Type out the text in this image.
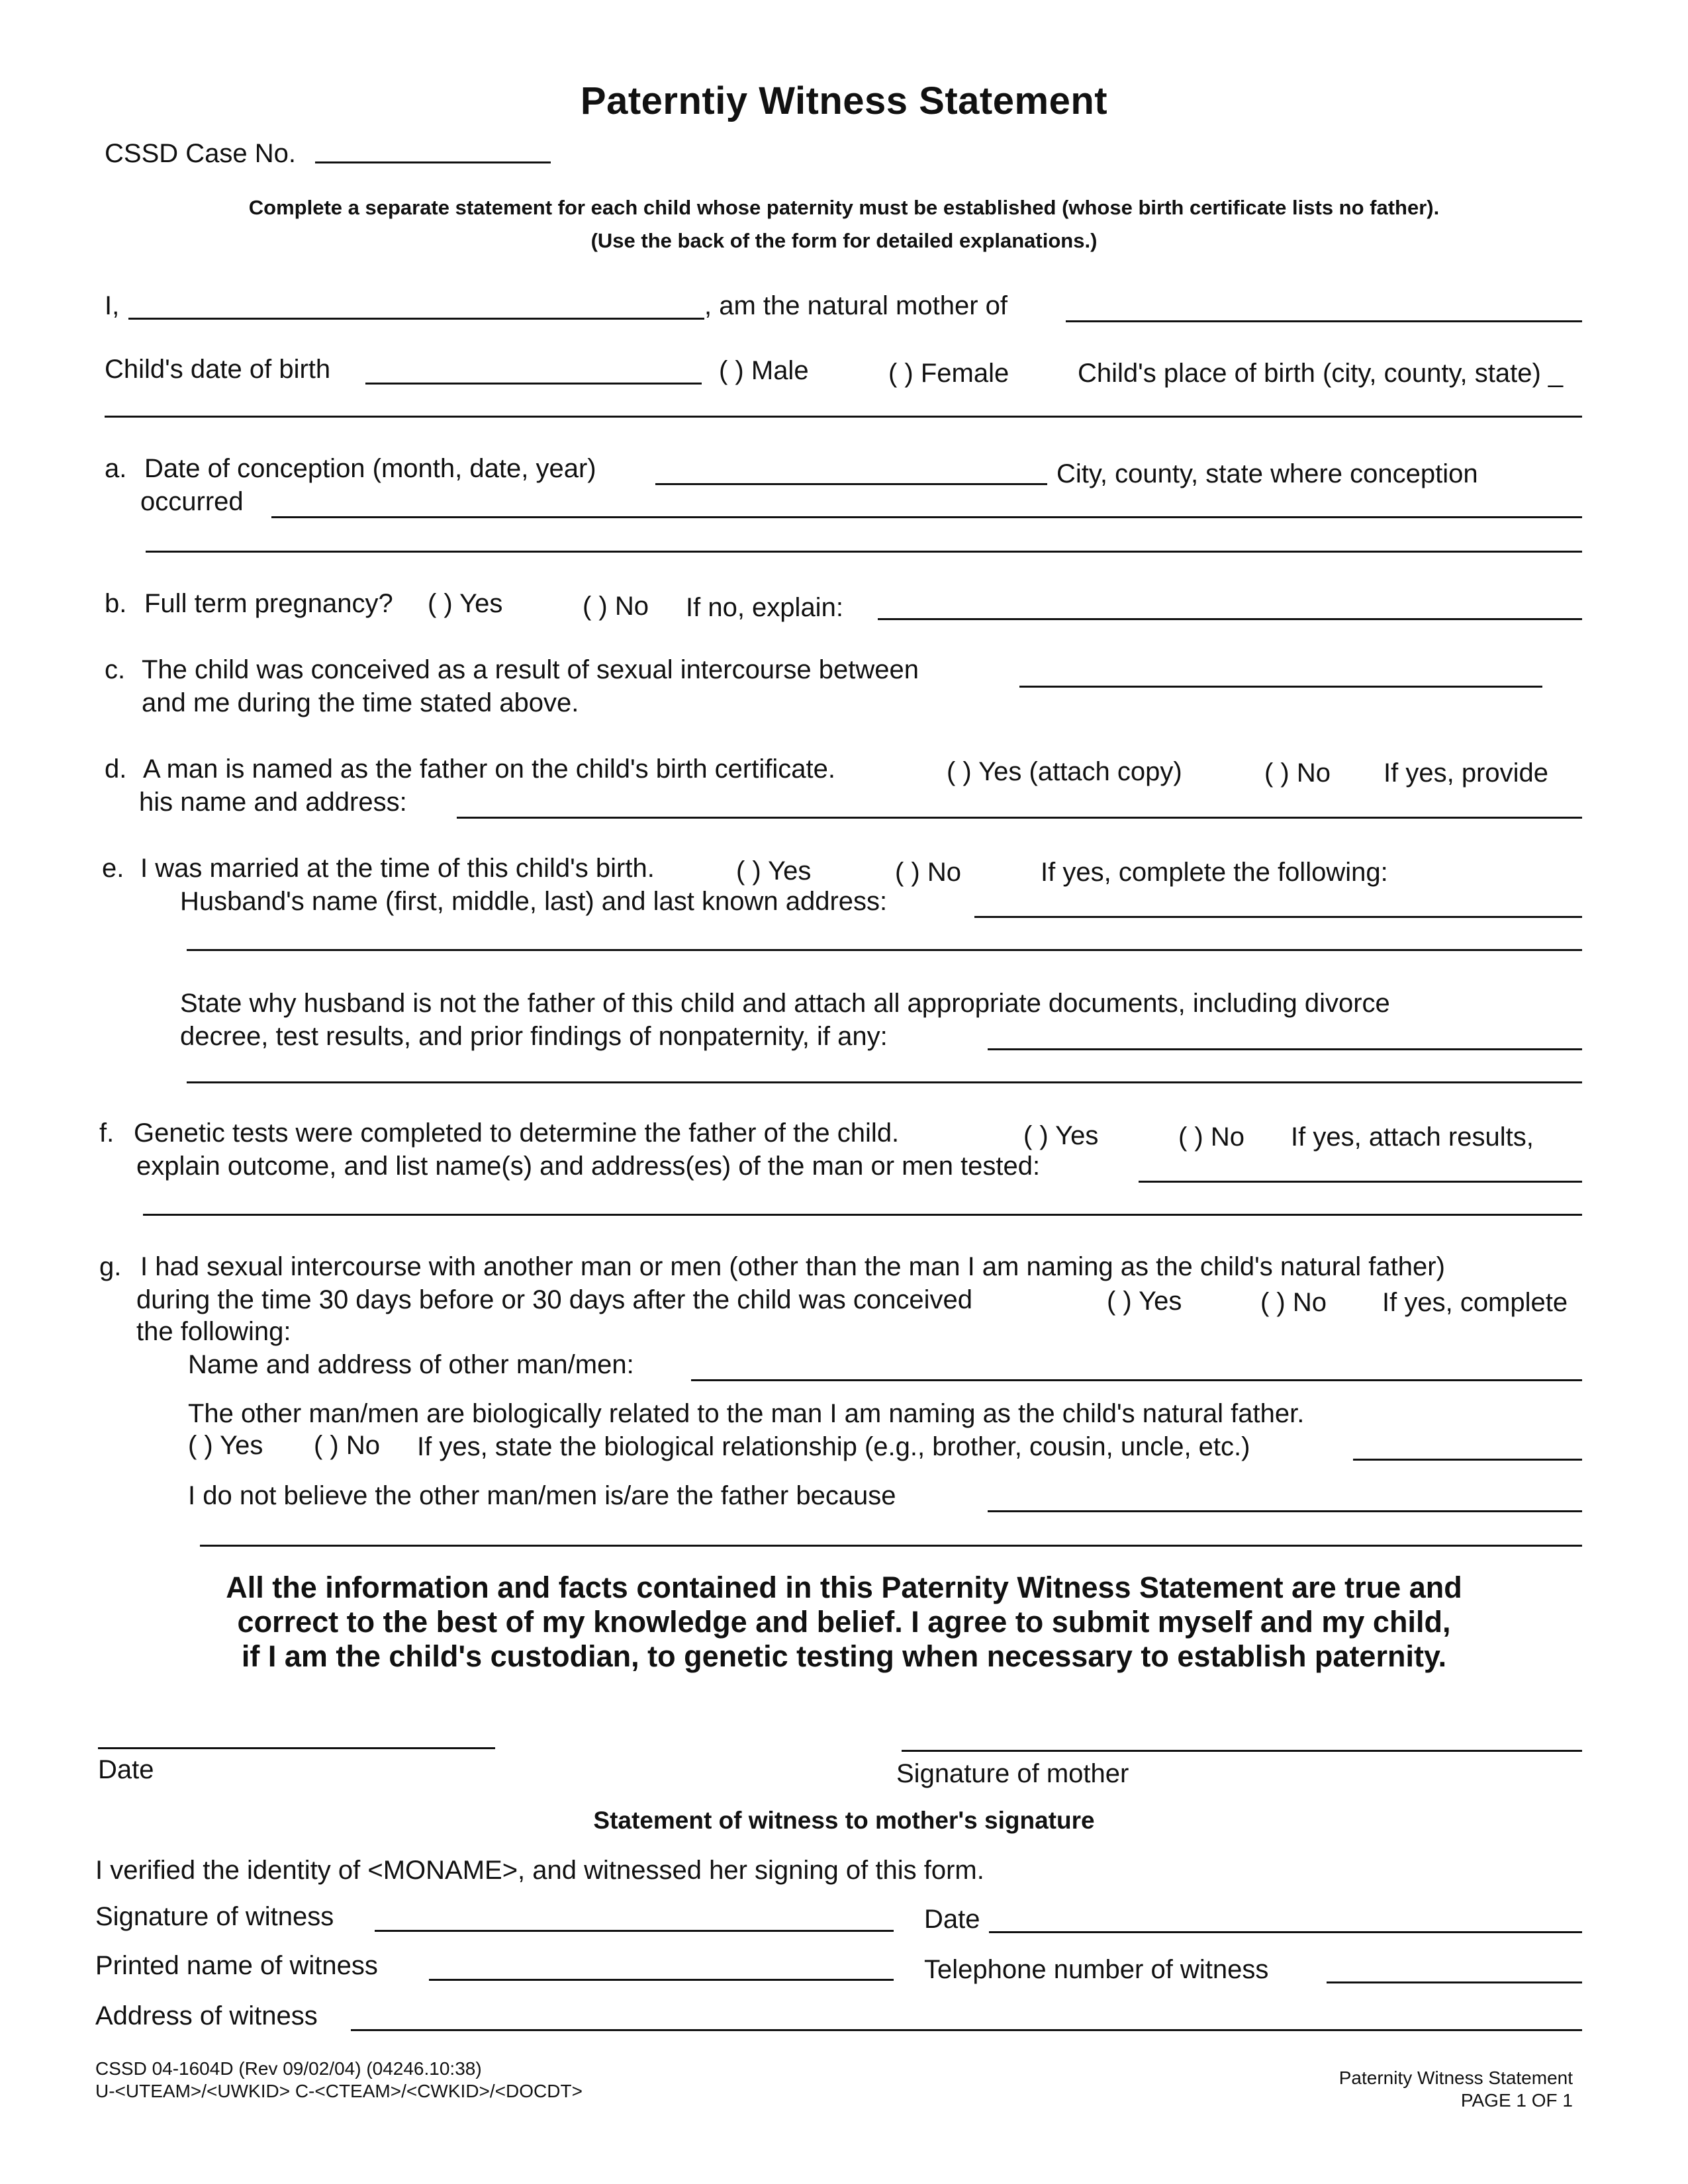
Paterntiy Witness Statement
CSSD Case No.
Complete a separate statement for each child whose paternity must be established (whose birth certificate lists no father).
(Use the back of the form for detailed explanations.)
I,	, am the natural mother of
Child's date of birth	( ) Male	( ) Female	Child's place of birth (city, county, state) _
a. Date of conception (month, date, year)	City, county, state where conception
occurred
b. Full term pregnancy? ( ) Yes	( ) No If no, explain:
c. The child was conceived as a result of sexual intercourse between
and me during the time stated above.
d. A man is named as the father on the child's birth certificate.	( ) Yes (attach copy)	( ) No If yes, provide
his name and address:
e. I was married at the time of this child's birth.	( ) Yes	( ) No	If yes, complete the following:
Husband's name (first, middle, last) and last known address:
State why husband is not the father of this child and attach all appropriate documents, including divorce
decree, test results, and prior findings of nonpaternity, if any:
f. Genetic tests were completed to determine the father of the child.	( ) Yes	( ) No If yes, attach results,
explain outcome, and list name(s) and address(es) of the man or men tested:
g. I had sexual intercourse with another man or men (other than the man I am naming as the child's natural father)
during the time 30 days before or 30 days after the child was conceived	( ) Yes	( ) No If yes, complete
the following:
Name and address of other man/men:
The other man/men are biologically related to the man I am naming as the child's natural father.
( ) Yes ( ) No If yes, state the biological relationship (e.g., brother, cousin, uncle, etc.)
I do not believe the other man/men is/are the father because
All the information and facts contained in this Paternity Witness Statement are true and
correct to the best of my knowledge and belief. I agree to submit myself and my child,
if I am the child's custodian, to genetic testing when necessary to establish paternity.
Date	Signature of mother
Statement of witness to mother's signature
I verified the identity of <MONAME>, and witnessed her signing of this form.
Signature of witness	Date
Printed name of witness	Telephone number of witness
Address of witness
CSSD 04-1604D (Rev 09/02/04) (04246.10:38)
U-<UTEAM>/<UWKID> C-<CTEAM>/<CWKID>/<DOCDT>
Paternity Witness Statement
PAGE 1 OF 1
